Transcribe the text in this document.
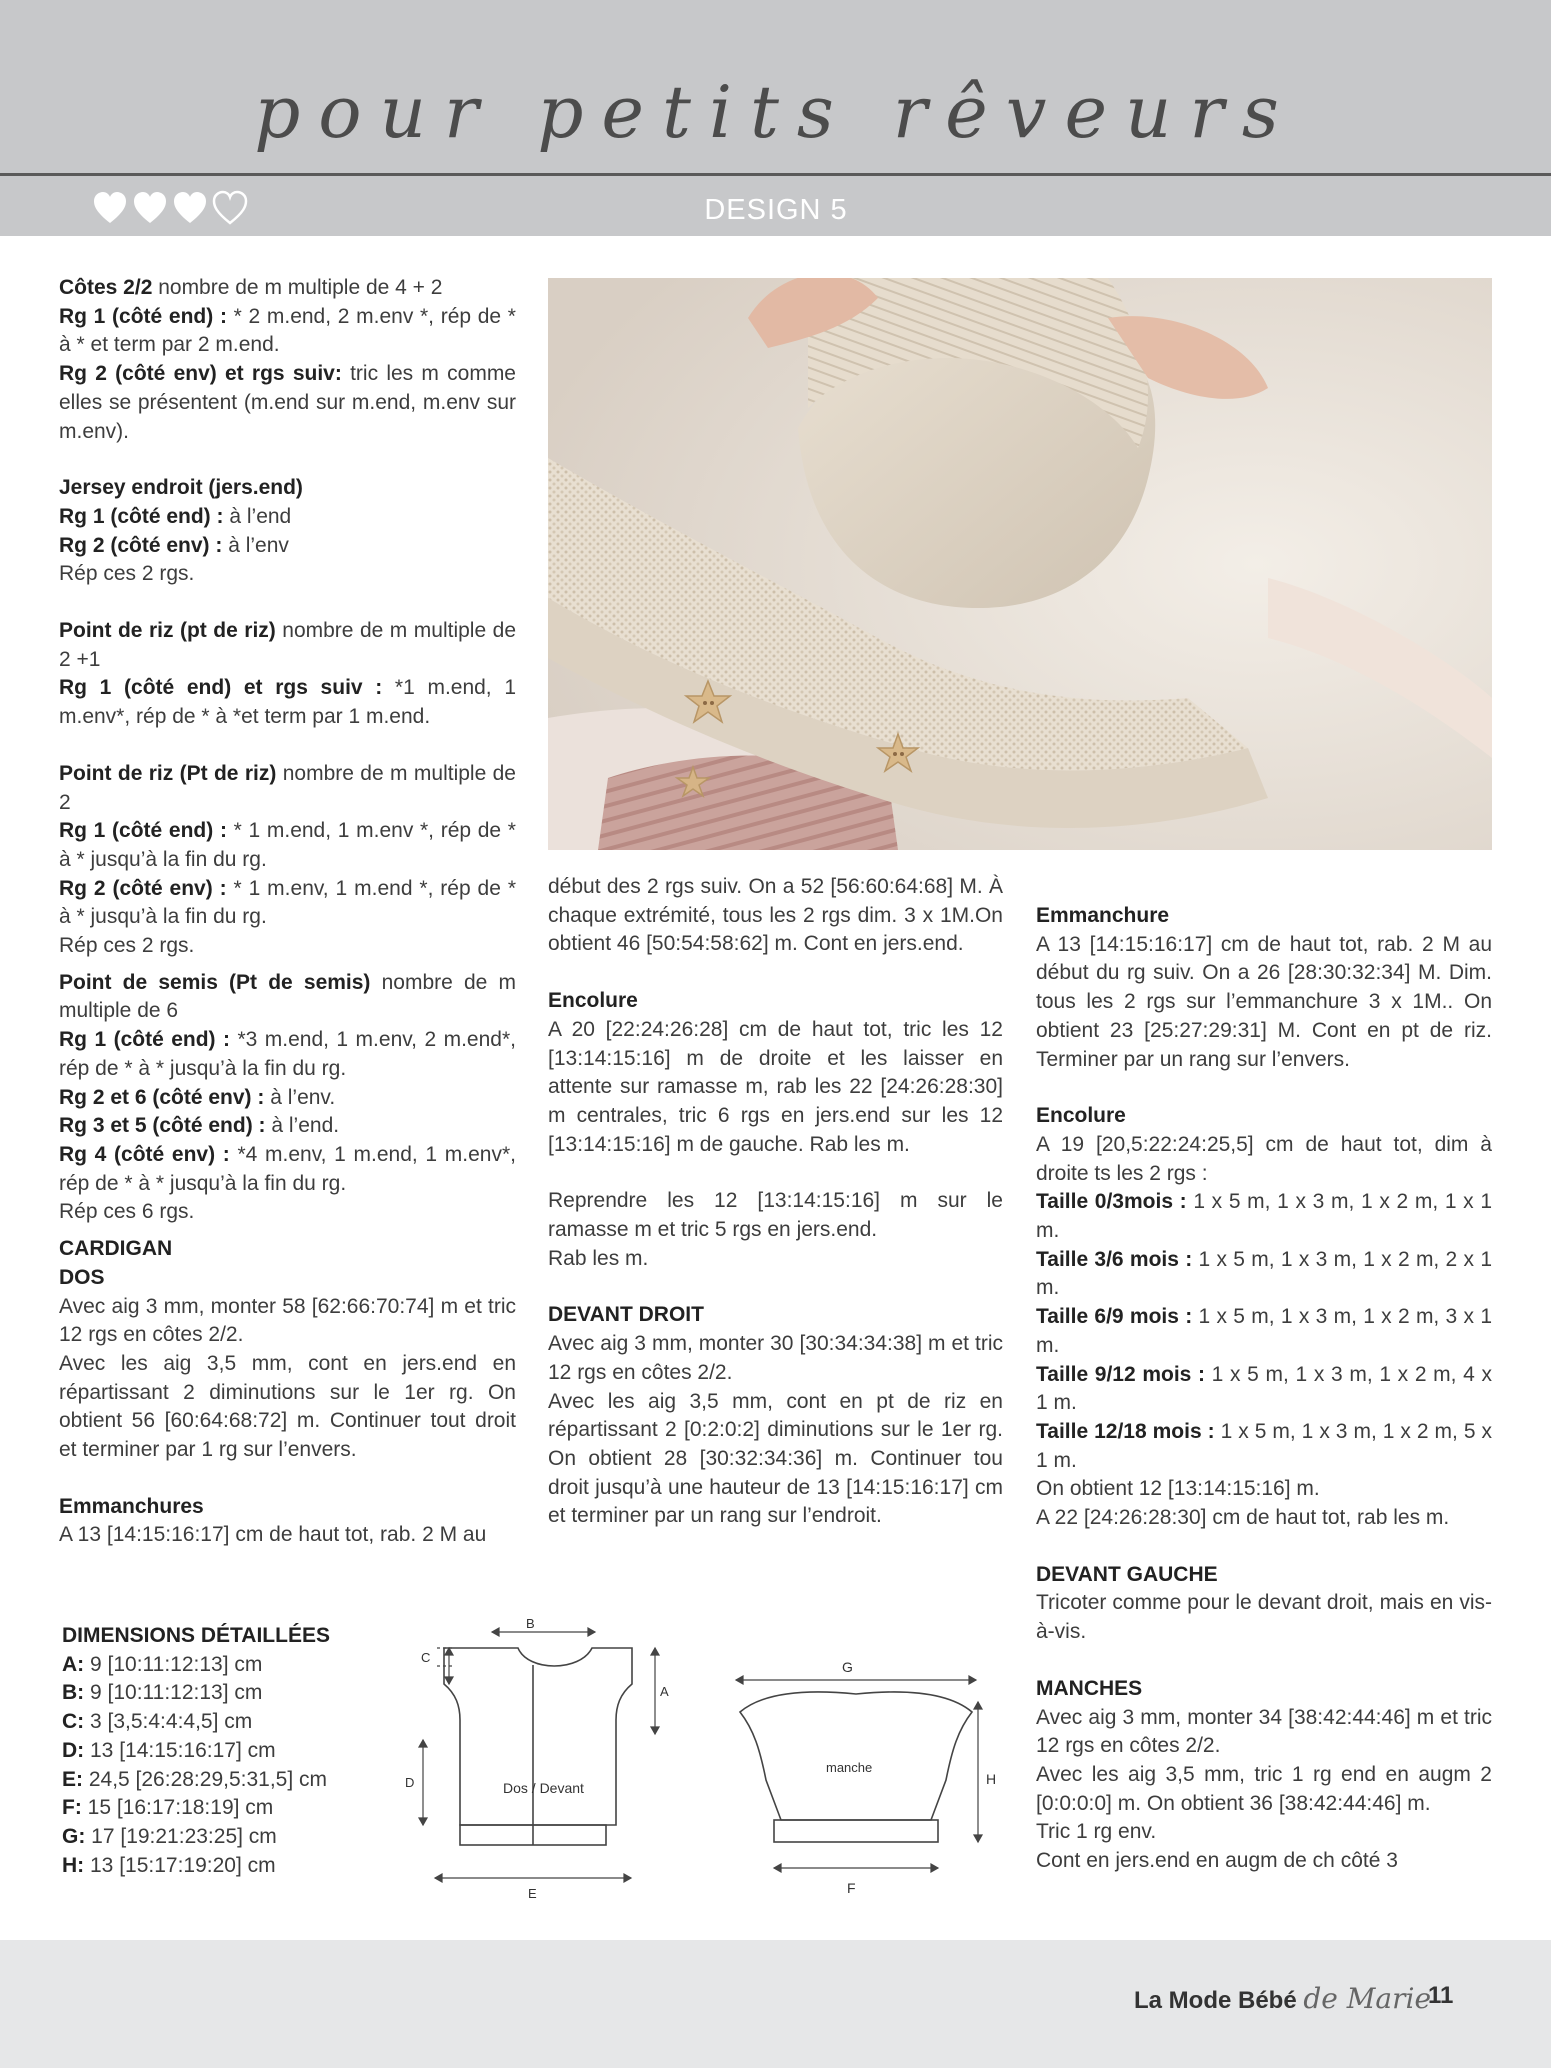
pour petits rêveurs
DESIGN 5

Côtes 2/2 nombre de m multiple de 4 + 2

Rg 1 (côté end) : * 2 m.end, 2 m.env *, rép de * à * et term par 2 m.end.

Rg 2 (côté env) et rgs suiv: tric les m comme elles se présentent (m.end sur m.end, m.env sur m.env).

Jersey endroit (jers.end)

Rg 1 (côté end) : à l’end

Rg 2 (côté env) : à l’env

Rép ces 2 rgs.

Point de riz (pt de riz) nombre de m multiple de 2 +1

Rg 1 (côté end) et rgs suiv : *1 m.end, 1 m.env*, rép de * à *et term par 1 m.end.

Point de riz (Pt de riz) nombre de m multiple de 2

Rg 1 (côté end) : * 1 m.end, 1 m.env *, rép de * à * jusqu’à la fin du rg.

Rg 2 (côté env) : * 1 m.env, 1 m.end *, rép de * à * jusqu’à la fin du rg.

Rép ces 2 rgs.

Point de semis (Pt de semis) nombre de m multiple de 6

Rg 1 (côté end) : *3 m.end, 1 m.env, 2 m.end*, rép de * à * jusqu’à la fin du rg.

Rg 2 et 6 (côté env) : à l’env.

Rg 3 et 5 (côté end) : à l’end.

Rg 4 (côté env) : *4 m.env, 1 m.end, 1 m.env*, rép de * à * jusqu’à la fin du rg.

Rép ces 6 rgs.

CARDIGAN

DOS

Avec aig 3 mm, monter 58 [62:66:70:74] m et tric 12 rgs en côtes 2/2.

Avec les aig 3,5 mm, cont en jers.end en répartissant 2 diminutions sur le 1er rg. On obtient 56 [60:64:68:72] m. Continuer tout droit et terminer par 1 rg sur l’envers.

Emmanchures

A 13 [14:15:16:17] cm de haut tot, rab. 2 M au

début des 2 rgs suiv. On a 52 [56:60:64:68] M. À chaque extrémité, tous les 2 rgs dim. 3 x 1M.On obtient 46 [50:54:58:62] m. Cont en jers.end.

Encolure

A 20 [22:24:26:28] cm de haut tot, tric les 12 [13:14:15:16] m de droite et les laisser en attente sur ramasse m, rab les 22 [24:26:28:30] m centrales, tric 6 rgs en jers.end sur les 12 [13:14:15:16] m de gauche. Rab les m.

Reprendre les 12 [13:14:15:16] m sur le ramasse m et tric 5 rgs en jers.end.

Rab les m.

DEVANT DROIT

Avec aig 3 mm, monter 30 [30:34:34:38] m et tric 12 rgs en côtes 2/2.

Avec les aig 3,5 mm, cont en pt de riz en répartissant 2 [0:2:0:2] diminutions sur le 1er rg. On obtient 28 [30:32:34:36] m. Continuer tou droit jusqu’à une hauteur de 13 [14:15:16:17] cm et terminer par un rang sur l’endroit.

Emmanchure

A 13 [14:15:16:17] cm de haut tot, rab. 2 M au début du rg suiv. On a 26 [28:30:32:34] M. Dim. tous les 2 rgs sur l’emmanchure 3 x 1M.. On obtient 23 [25:27:29:31] M. Cont en pt de riz. Terminer par un rang sur l’envers.

Encolure

A 19 [20,5:22:24:25,5] cm de haut tot, dim à droite ts les 2 rgs :

Taille 0/3mois : 1 x 5 m, 1 x 3 m, 1 x 2 m, 1 x 1 m.

Taille 3/6 mois : 1 x 5 m, 1 x 3 m, 1 x 2 m, 2 x 1 m.

Taille 6/9 mois : 1 x 5 m, 1 x 3 m, 1 x 2 m, 3 x 1 m.

Taille 9/12 mois : 1 x 5 m, 1 x 3 m, 1 x 2 m, 4 x 1 m.

Taille 12/18 mois : 1 x 5 m, 1 x 3 m, 1 x 2 m, 5 x 1 m.

On obtient 12 [13:14:15:16] m.

A 22 [24:26:28:30] cm de haut tot, rab les m.

DEVANT GAUCHE

Tricoter comme pour le devant droit, mais en vis-à-vis.

MANCHES

Avec aig 3 mm, monter 34 [38:42:44:46] m et tric 12 rgs en côtes 2/2.

Avec les aig 3,5 mm, tric 1 rg end en augm 2 [0:0:0:0] m. On obtient 36 [38:42:44:46] m.

Tric 1 rg env.

Cont en jers.end en augm de ch côté 3

DIMENSIONS DÉTAILLÉES
A: 9 [10:11:12:13] cm
B: 9 [10:11:12:13] cm
C: 3 [3,5:4:4:4,5] cm
D: 13 [14:15:16:17] cm
E: 24,5 [26:28:29,5:31,5] cm
F: 15 [16:17:18:19] cm
G: 17 [19:21:23:25] cm
H: 13 [15:17:19:20] cm
B
C
A
D
E
Dos / Devant
G
H
F
manche
La Mode Bébé de Marie
11
